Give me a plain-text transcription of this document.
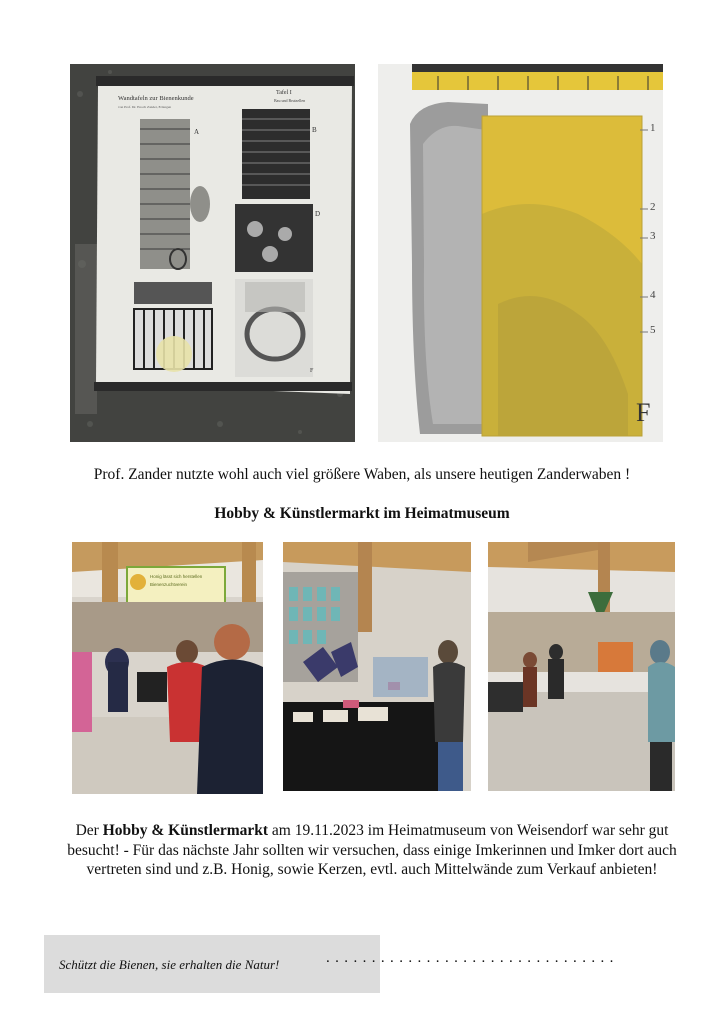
Wandtafeln zur Bienenkunde
von Prof. Dr. Enoch Zander, Erlangen
Tafel I
Bau und Brutzellen
A	B
D
F
1
2
3
4
5
F
Prof. Zander nutzte wohl auch viel größere Waben, als unsere heutigen Zanderwaben !
Hobby & Künstlermarkt im Heimatmuseum
Honig lässt sich herstellen
Bienenzuchtverein
Der Hobby & Künstlermarkt am 19.11.2023 im Heimatmuseum von Weisendorf war sehr gut besucht! - Für das nächste Jahr sollten wir versuchen, dass einige Imkerinnen und Imker dort auch vertreten sind und z.B. Honig, sowie Kerzen, evtl. auch Mittelwände zum Verkauf anbieten!
Schützt die Bienen, sie erhalten die Natur!	................................
